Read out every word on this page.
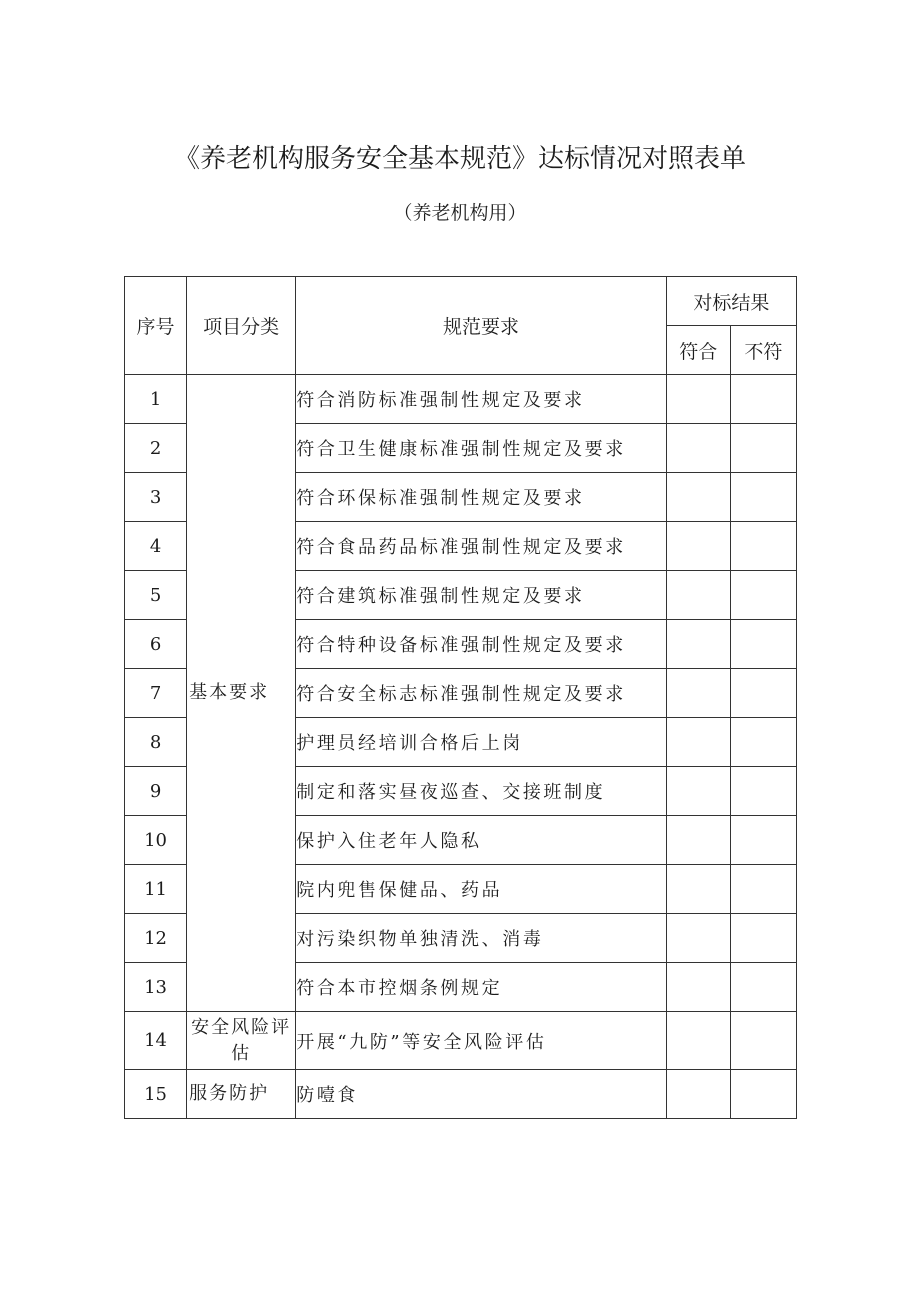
《养老机构服务安全基本规范》达标情况对照表单
（养老机构用）
序号	项目分类	规范要求	对标结果	
			符合	不符
1	基本要求	符合消防标准强制性规定及要求		
2		符合卫生健康标准强制性规定及要求		
3		符合环保标准强制性规定及要求		
4		符合食品药品标准强制性规定及要求		
5		符合建筑标准强制性规定及要求		
6		符合特种设备标准强制性规定及要求		
7		符合安全标志标准强制性规定及要求		
8		护理员经培训合格后上岗		
9		制定和落实昼夜巡查、交接班制度		
10		保护入住老年人隐私		
11		院内兜售保健品、药品		
12		对污染织物单独清洗、消毒		
13		符合本市控烟条例规定		
14	安全风险评估	开展“九防”等安全风险评估		
15	服务防护	防噎食		
